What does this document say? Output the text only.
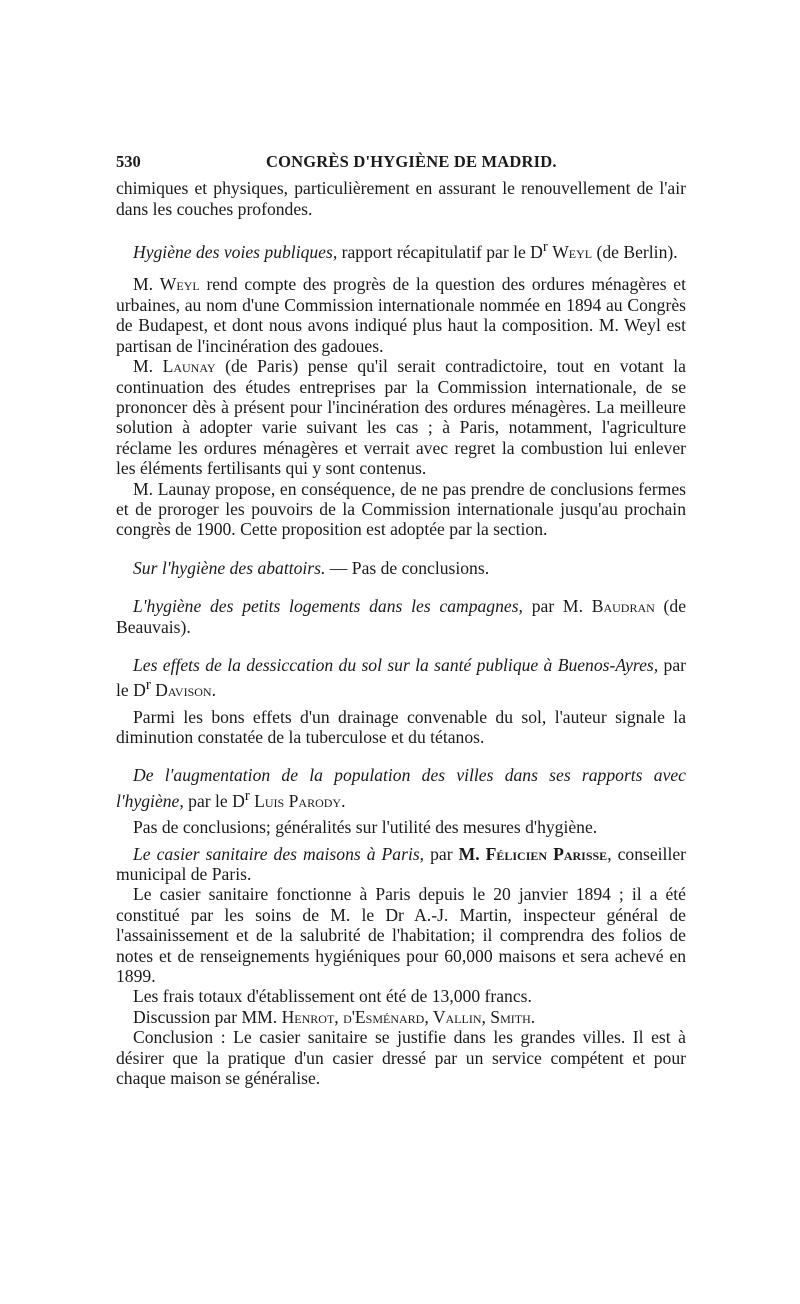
530	CONGRÈS D'HYGIÈNE DE MADRID.

chimiques et physiques, particulièrement en assurant le renouvellement de l'air dans les couches profondes.

Hygiène des voies publiques, rapport récapitulatif par le $D^r$ Weyl (de Berlin).

M. Weyl rend compte des progrès de la question des ordures ménagères et urbaines, au nom d'une Commission internationale nommée en 1894 au Congrès de Budapest, et dont nous avons indiqué plus haut la composition. M. Weyl est partisan de l'incinération des gadoues.

M. Launay (de Paris) pense qu'il serait contradictoire, tout en votant la continuation des études entreprises par la Commission internationale, de se prononcer dès à présent pour l'incinération des ordures ménagères. La meilleure solution à adopter varie suivant les cas ; à Paris, notamment, l'agriculture réclame les ordures ménagères et verrait avec regret la combustion lui enlever les éléments fertilisants qui y sont contenus.

M. Launay propose, en conséquence, de ne pas prendre de conclusions fermes et de proroger les pouvoirs de la Commission internationale jusqu'au prochain congrès de 1900. Cette proposition est adoptée par la section.

Sur l'hygiène des abattoirs. — Pas de conclusions.

L'hygiène des petits logements dans les campagnes, par M. Baudran (de Beauvais).

Les effets de la dessiccation du sol sur la santé publique à Buenos-Ayres, par le $D^r$ Davison.

Parmi les bons effets d'un drainage convenable du sol, l'auteur signale la diminution constatée de la tuberculose et du tétanos.

De l'augmentation de la population des villes dans ses rapports avec l'hygiène, par le $D^r$ Luis Parody.

Pas de conclusions; généralités sur l'utilité des mesures d'hygiène.

Le casier sanitaire des maisons à Paris, par M. Félicien Parisse, conseiller municipal de Paris.

Le casier sanitaire fonctionne à Paris depuis le 20 janvier 1894 ; il a été constitué par les soins de M. le Dr A.-J. Martin, inspecteur général de l'assainissement et de la salubrité de l'habitation; il comprendra des folios de notes et de renseignements hygiéniques pour 60,000 maisons et sera achevé en 1899.

Les frais totaux d'établissement ont été de 13,000 francs.

Discussion par MM. Henrot, d'Esménard, Vallin, Smith.

Conclusion : Le casier sanitaire se justifie dans les grandes villes. Il est à désirer que la pratique d'un casier dressé par un service compétent et pour chaque maison se généralise.
